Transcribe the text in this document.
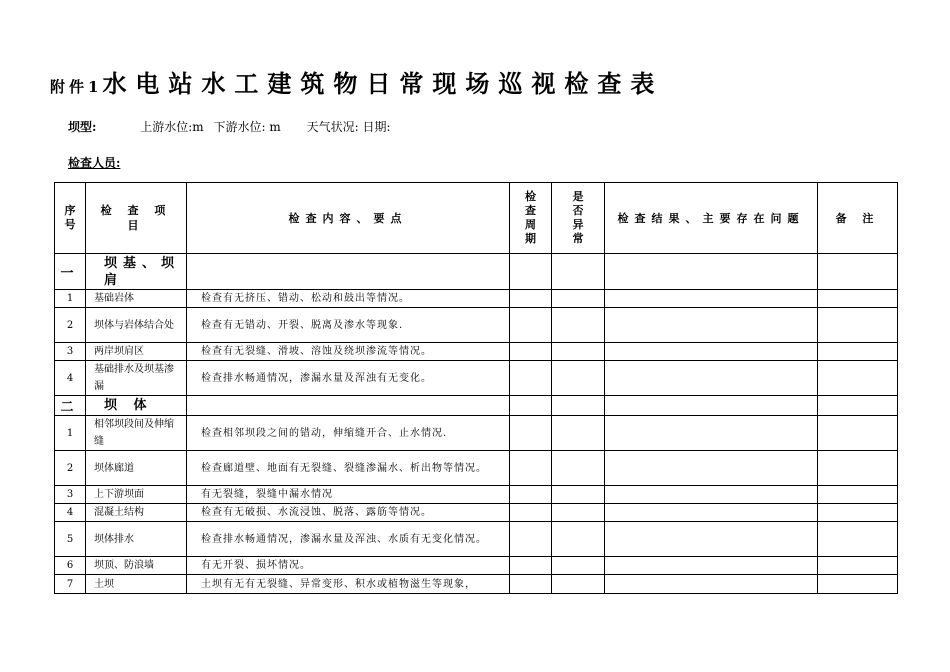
附件1水电站水工建筑物日常现场巡视检查表
坝型:	上游水位:m 下游水位: m 天气状况: 日期:
检查人员:
序号	检 查 项 目	检查内容、要点	检查周期	是否异常	检查结果、主要存在问题	备 注
一	坝基、坝肩					
1	基础岩体	检查有无挤压、错动、松动和鼓出等情况。				
2	坝体与岩体结合处	检查有无错动、开裂、脱离及渗水等现象.				
3	两岸坝肩区	检查有无裂缝、滑坡、溶蚀及绕坝渗流等情况。				
4	基础排水及坝基渗漏	检查排水畅通情况，渗漏水量及浑浊有无变化。				
二	坝 体					
1	相邻坝段间及伸缩缝	检查相邻坝段之间的错动，伸缩缝开合、止水情况.				
2	坝体廊道	检查廊道壁、地面有无裂缝、裂缝渗漏水、析出物等情况。				
3	上下游坝面	有无裂缝，裂缝中漏水情况				
4	混凝土结构	检查有无破损、水流浸蚀、脱落、露筋等情况。				
5	坝体排水	检查排水畅通情况，渗漏水量及浑浊、水质有无变化情况。				
6	坝顶、防浪墙	有无开裂、损坏情况。				
7	土坝	土坝有无有无裂缝、异常变形、积水或植物滋生等现象，				
